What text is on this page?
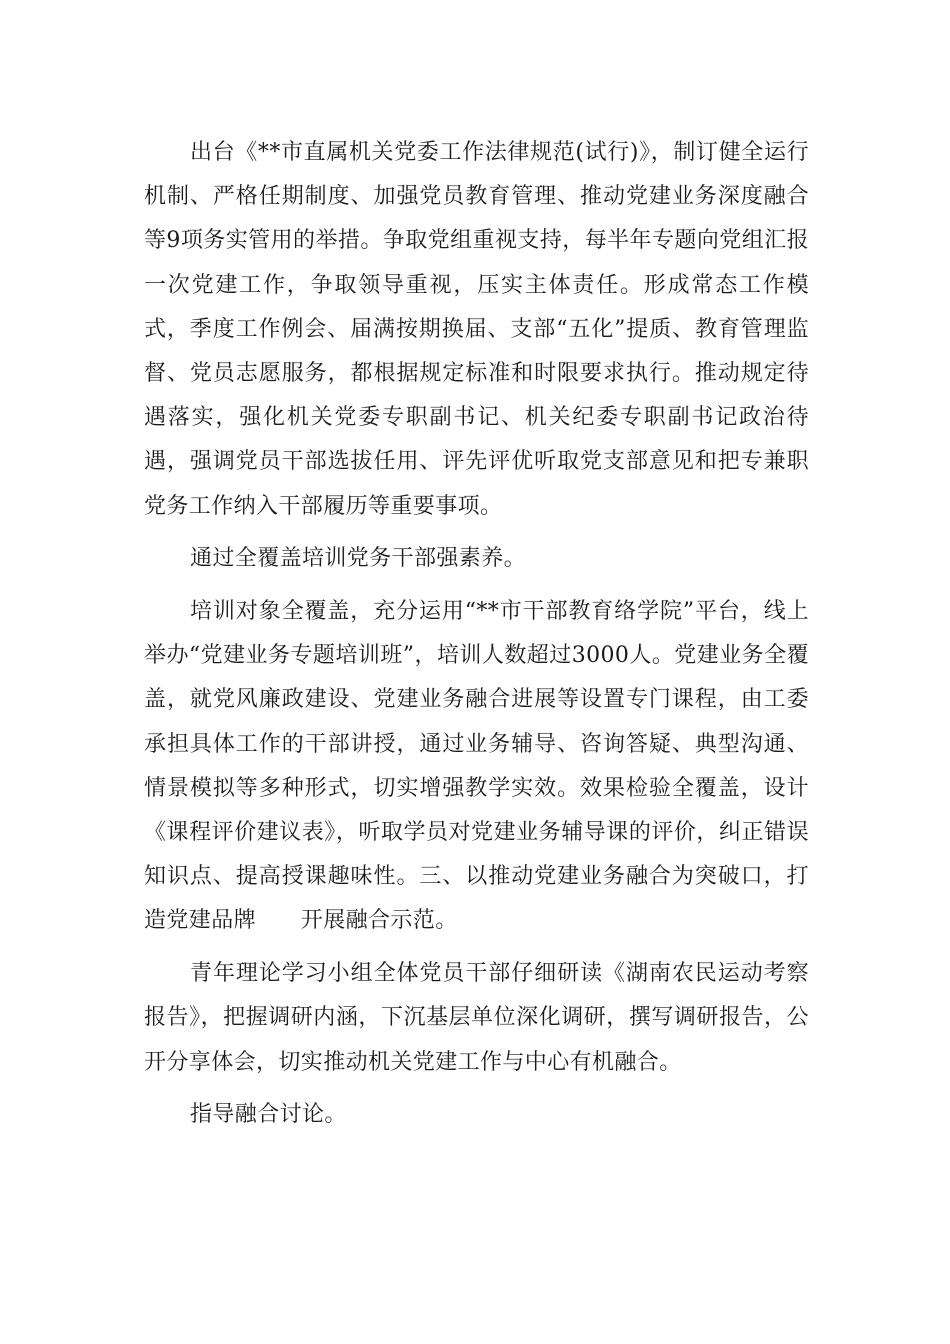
出台《**市直属机关党委工作法律规范(试行)》，制订健全运行机制、严格任期制度、加强党员教育管理、推动党建业务深度融合等9项务实管用的举措。争取党组重视支持，每半年专题向党组汇报一次党建工作，争取领导重视，压实主体责任。形成常态工作模式，季度工作例会、届满按期换届、支部“五化”提质、教育管理监督、党员志愿服务，都根据规定标准和时限要求执行。推动规定待遇落实，强化机关党委专职副书记、机关纪委专职副书记政治待遇，强调党员干部选拔任用、评先评优听取党支部意见和把专兼职党务工作纳入干部履历等重要事项。

通过全覆盖培训党务干部强素养。

培训对象全覆盖，充分运用“**市干部教育络学院”平台，线上举办“党建业务专题培训班”，培训人数超过3000人。党建业务全覆盖，就党风廉政建设、党建业务融合进展等设置专门课程，由工委承担具体工作的干部讲授，通过业务辅导、咨询答疑、典型沟通、情景模拟等多种形式，切实增强教学实效。效果检验全覆盖，设计《课程评价建议表》，听取学员对党建业务辅导课的评价，纠正错误知识点、提高授课趣味性。三、以推动党建业务融合为突破口，打造党建品牌　　开展融合示范。

青年理论学习小组全体党员干部仔细研读《湖南农民运动考察报告》，把握调研内涵，下沉基层单位深化调研，撰写调研报告，公开分享体会，切实推动机关党建工作与中心有机融合。

指导融合讨论。
